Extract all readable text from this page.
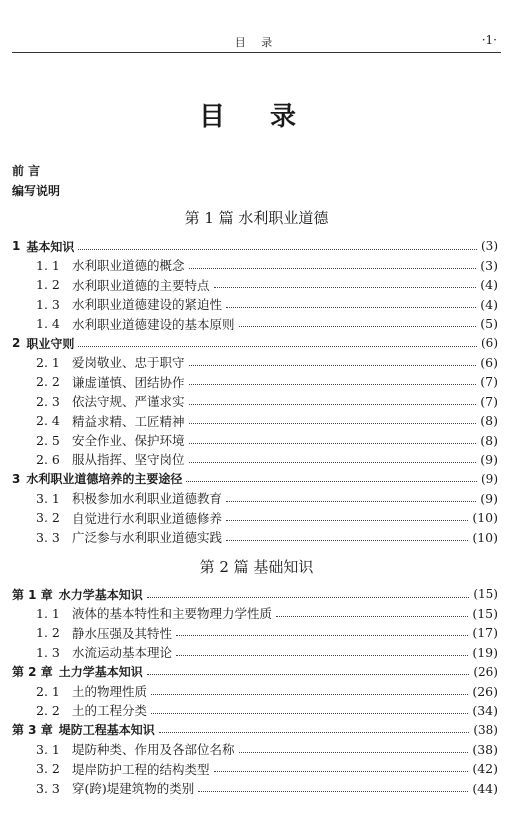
目 录	·1·
目 录
前 言
编写说明
第 1 篇 水利职业道德
1 基本知识	(3)
1. 1 水利职业道德的概念	(3)
1. 2 水利职业道德的主要特点	(4)
1. 3 水利职业道德建设的紧迫性	(4)
1. 4 水利职业道德建设的基本原则	(5)
2 职业守则	(6)
2. 1 爱岗敬业、忠于职守	(6)
2. 2 谦虚谨慎、团结协作	(7)
2. 3 依法守规、严谨求实	(7)
2. 4 精益求精、工匠精神	(8)
2. 5 安全作业、保护环境	(8)
2. 6 服从指挥、坚守岗位	(9)
3 水利职业道德培养的主要途径	(9)
3. 1 积极参加水利职业道德教育	(9)
3. 2 自觉进行水利职业道德修养	(10)
3. 3 广泛参与水利职业道德实践	(10)
第 2 篇 基础知识
第 1 章 水力学基本知识	(15)
1. 1 液体的基本特性和主要物理力学性质	(15)
1. 2 静水压强及其特性	(17)
1. 3 水流运动基本理论	(19)
第 2 章 土力学基本知识	(26)
2. 1 土的物理性质	(26)
2. 2 土的工程分类	(34)
第 3 章 堤防工程基本知识	(38)
3. 1 堤防种类、作用及各部位名称	(38)
3. 2 堤岸防护工程的结构类型	(42)
3. 3 穿(跨)堤建筑物的类别	(44)
